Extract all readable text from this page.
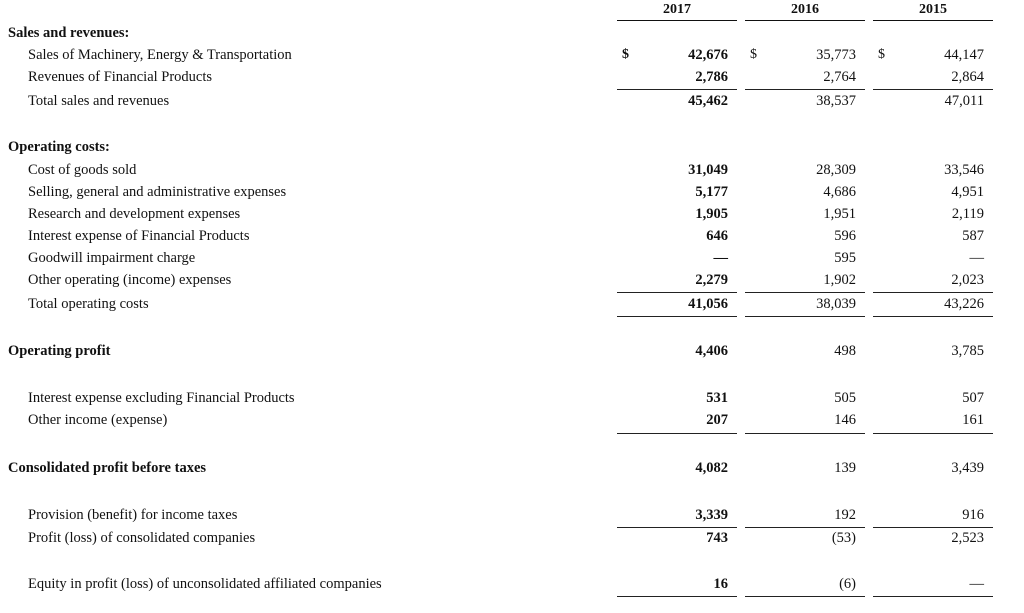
2017	2016	2015
Sales and revenues:
Sales of Machinery, Energy & Transportation	$	42,676 $	35,773 $	44,147
Revenues of Financial Products	2,786	2,764	2,864
Total sales and revenues	45,462	38,537	47,011
Operating costs:
Cost of goods sold	31,049	28,309	33,546
Selling, general and administrative expenses	5,177	4,686	4,951
Research and development expenses	1,905	1,951	2,119
Interest expense of Financial Products	646	596	587
Goodwill impairment charge	—	595	—
Other operating (income) expenses	2,279	1,902	2,023
Total operating costs	41,056	38,039	43,226
Operating profit	4,406	498	3,785
Interest expense excluding Financial Products	531	505	507
Other income (expense)	207	146	161
Consolidated profit before taxes	4,082	139	3,439
Provision (benefit) for income taxes	3,339	192	916
Profit (loss) of consolidated companies	743	(53)	2,523
Equity in profit (loss) of unconsolidated affiliated companies	16	(6)	—
